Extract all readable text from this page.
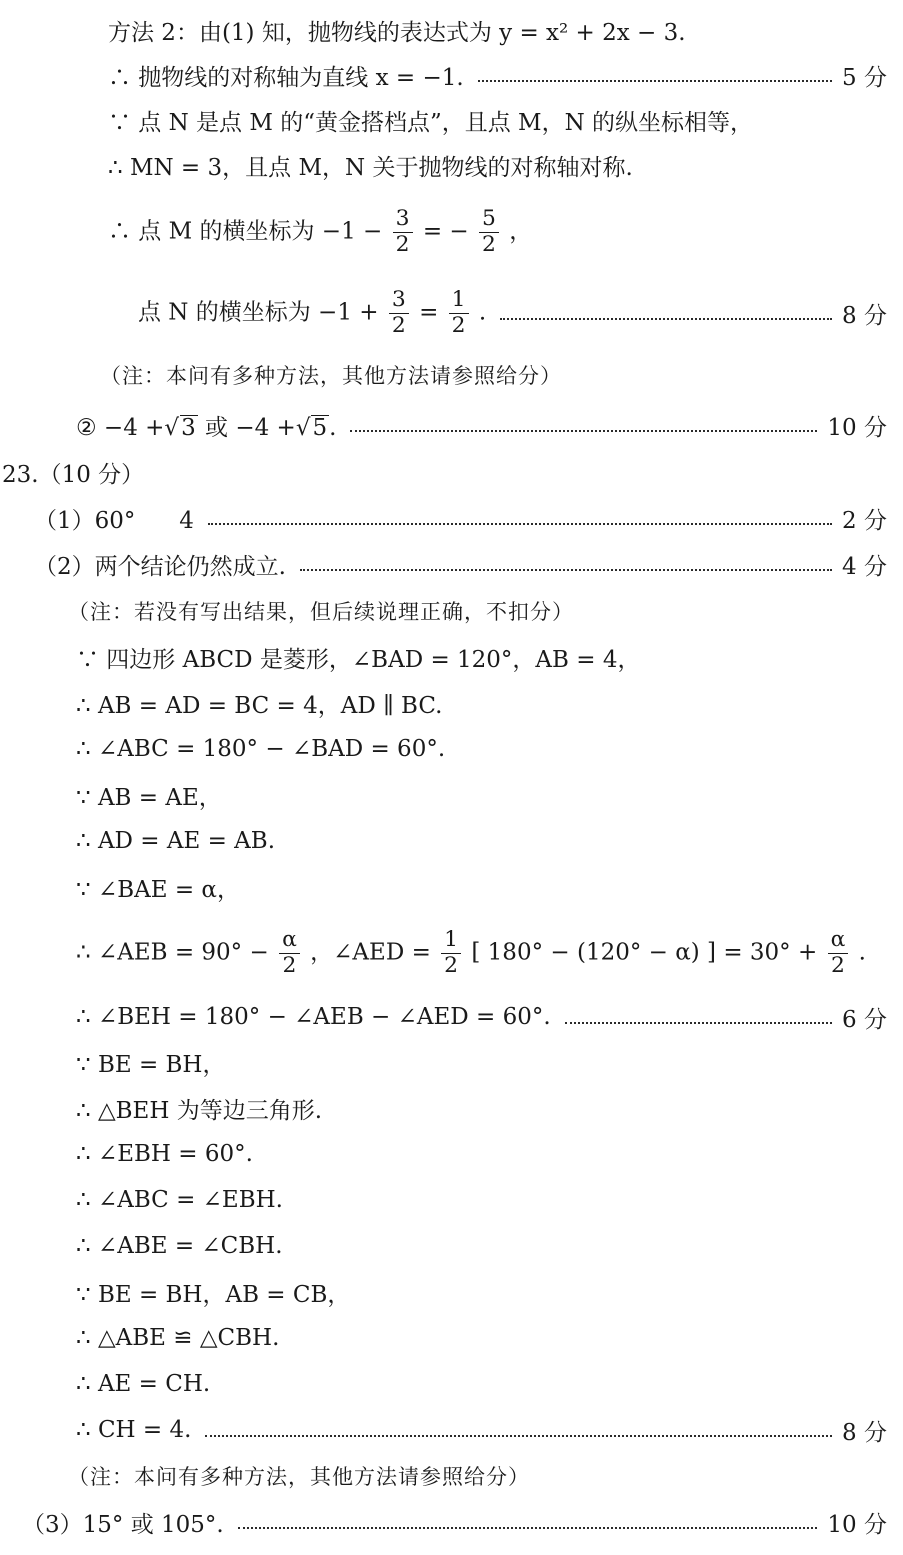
方法 2：由(1) 知，抛物线的表达式为 y = x² + 2x − 3.
∴ 抛物线的对称轴为直线 x = −1.	5 分
∵ 点 N 是点 M 的“黄金搭档点”，且点 M，N 的纵坐标相等，
∴ MN = 3，且点 M，N 关于抛物线的对称轴对称.
∴ 点 M 的横坐标为 $-1 - \frac{3}{2}$ = − $\frac{5}{2}$ ，
点 N 的横坐标为 $-1 + \frac{3}{2} = \frac{1}{2}$ .	8 分
（注：本问有多种方法，其他方法请参照给分）
② −4 +√3 或 −4 +√5.	10 分
23.（10 分）
（1）60°      4	2 分
（2）两个结论仍然成立.	4 分
（注：若没有写出结果，但后续说理正确，不扣分）
∵ 四边形 ABCD 是菱形，∠BAD = 120°，AB = 4，
∴ AB = AD = BC = 4，AD ∥ BC.
∴ ∠ABC = 180° − ∠BAD = 60°.
∵ AB = AE，
∴ AD = AE = AB.
∵ ∠BAE = α，
∴ ∠AEB = $90^\circ - \frac{\alpha}{2}$ ，∠AED = $\frac{1}{2}$ [ 180° − (120° − α) ] = $30^\circ + \frac{\alpha}{2}$ .
∴ ∠BEH = 180° − ∠AEB − ∠AED = 60°.	6 分
∵ BE = BH，
∴ △BEH 为等边三角形.
∴ ∠EBH = 60°.
∴ ∠ABC = ∠EBH.
∴ ∠ABE = ∠CBH.
∵ BE = BH，AB = CB，
∴ △ABE ≌ △CBH.
∴ AE = CH.
∴ CH = 4.	8 分
（注：本问有多种方法，其他方法请参照给分）
（3）15° 或 105°.	10 分
